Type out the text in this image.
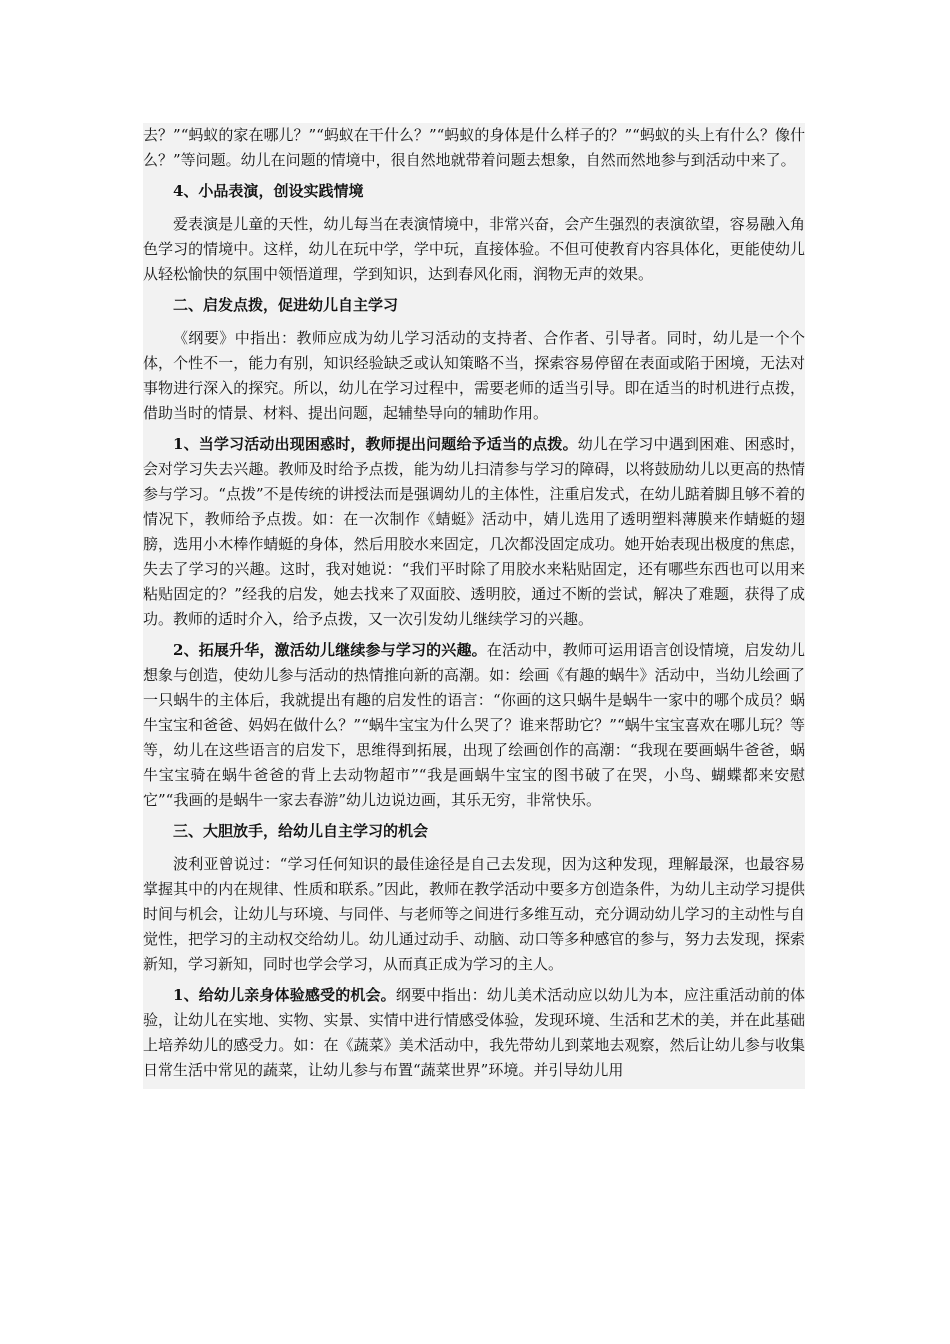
去？”“蚂蚁的家在哪儿？”“蚂蚁在干什么？”“蚂蚁的身体是什么样子的？”“蚂蚁的头上有什么？像什么？”等问题。幼儿在问题的情境中，很自然地就带着问题去想象，自然而然地参与到活动中来了。

4、小品表演，创设实践情境

爱表演是儿童的天性，幼儿每当在表演情境中，非常兴奋，会产生强烈的表演欲望，容易融入角色学习的情境中。这样，幼儿在玩中学，学中玩，直接体验。不但可使教育内容具体化，更能使幼儿从轻松愉快的氛围中领悟道理，学到知识，达到春风化雨，润物无声的效果。

二、启发点拨，促进幼儿自主学习

《纲要》中指出：教师应成为幼儿学习活动的支持者、合作者、引导者。同时，幼儿是一个个体，个性不一，能力有别，知识经验缺乏或认知策略不当，探索容易停留在表面或陷于困境，无法对事物进行深入的探究。所以，幼儿在学习过程中，需要老师的适当引导。即在适当的时机进行点拨，借助当时的情景、材料、提出问题，起辅垫导向的辅助作用。

1、当学习活动出现困惑时，教师提出问题给予适当的点拨。幼儿在学习中遇到困难、困惑时，会对学习失去兴趣。教师及时给予点拨，能为幼儿扫清参与学习的障碍，以将鼓励幼儿以更高的热情参与学习。“点拨”不是传统的讲授法而是强调幼儿的主体性，注重启发式，在幼儿踮着脚且够不着的情况下，教师给予点拨。如：在一次制作《蜻蜓》活动中，婧儿选用了透明塑料薄膜来作蜻蜓的翅膀，选用小木棒作蜻蜓的身体，然后用胶水来固定，几次都没固定成功。她开始表现出极度的焦虑，失去了学习的兴趣。这时，我对她说：“我们平时除了用胶水来粘贴固定，还有哪些东西也可以用来粘贴固定的？”经我的启发，她去找来了双面胶、透明胶，通过不断的尝试，解决了难题，获得了成功。教师的适时介入，给予点拨，又一次引发幼儿继续学习的兴趣。

2、拓展升华，激活幼儿继续参与学习的兴趣。在活动中，教师可运用语言创设情境，启发幼儿想象与创造，使幼儿参与活动的热情推向新的高潮。如：绘画《有趣的蜗牛》活动中，当幼儿绘画了一只蜗牛的主体后，我就提出有趣的启发性的语言：“你画的这只蜗牛是蜗牛一家中的哪个成员？蜗牛宝宝和爸爸、妈妈在做什么？”“蜗牛宝宝为什么哭了？谁来帮助它？”“蜗牛宝宝喜欢在哪儿玩？等等，幼儿在这些语言的启发下，思维得到拓展，出现了绘画创作的高潮：“我现在要画蜗牛爸爸，蜗牛宝宝骑在蜗牛爸爸的背上去动物超市”“我是画蜗牛宝宝的图书破了在哭，小鸟、蝴蝶都来安慰它”“我画的是蜗牛一家去春游”幼儿边说边画，其乐无穷，非常快乐。

三、大胆放手，给幼儿自主学习的机会

波利亚曾说过：“学习任何知识的最佳途径是自己去发现，因为这种发现，理解最深，也最容易掌握其中的内在规律、性质和联系。”因此，教师在教学活动中要多方创造条件，为幼儿主动学习提供时间与机会，让幼儿与环境、与同伴、与老师等之间进行多维互动，充分调动幼儿学习的主动性与自觉性，把学习的主动权交给幼儿。幼儿通过动手、动脑、动口等多种感官的参与，努力去发现，探索新知，学习新知，同时也学会学习，从而真正成为学习的主人。

1、给幼儿亲身体验感受的机会。纲要中指出：幼儿美术活动应以幼儿为本，应注重活动前的体验，让幼儿在实地、实物、实景、实情中进行情感受体验，发现环境、生活和艺术的美，并在此基础上培养幼儿的感受力。如：在《蔬菜》美术活动中，我先带幼儿到菜地去观察，然后让幼儿参与收集日常生活中常见的蔬菜，让幼儿参与布置“蔬菜世界”环境。并引导幼儿用
